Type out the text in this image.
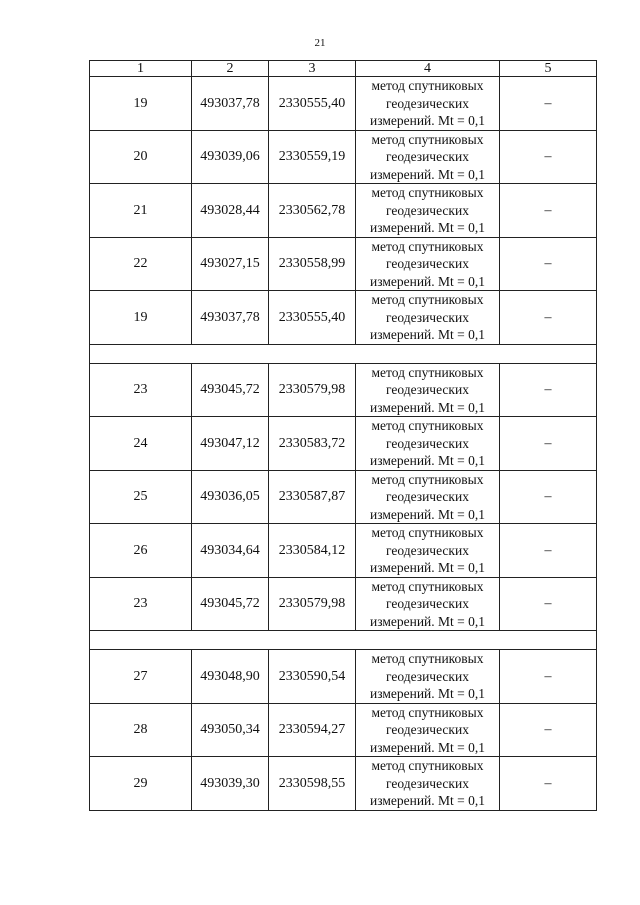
21
1	2	3	4	5
19	493037,78	2330555,40	метод спутниковых
геодезических
измерений. Mt = 0,1	–
20	493039,06	2330559,19	метод спутниковых
геодезических
измерений. Mt = 0,1	–
21	493028,44	2330562,78	метод спутниковых
геодезических
измерений. Mt = 0,1	–
22	493027,15	2330558,99	метод спутниковых
геодезических
измерений. Mt = 0,1	–
19	493037,78	2330555,40	метод спутниковых
геодезических
измерений. Mt = 0,1	–

23	493045,72	2330579,98	метод спутниковых
геодезических
измерений. Mt = 0,1	–
24	493047,12	2330583,72	метод спутниковых
геодезических
измерений. Mt = 0,1	–
25	493036,05	2330587,87	метод спутниковых
геодезических
измерений. Mt = 0,1	–
26	493034,64	2330584,12	метод спутниковых
геодезических
измерений. Mt = 0,1	–
23	493045,72	2330579,98	метод спутниковых
геодезических
измерений. Mt = 0,1	–

27	493048,90	2330590,54	метод спутниковых
геодезических
измерений. Mt = 0,1	–
28	493050,34	2330594,27	метод спутниковых
геодезических
измерений. Mt = 0,1	–
29	493039,30	2330598,55	метод спутниковых
геодезических
измерений. Mt = 0,1	–
